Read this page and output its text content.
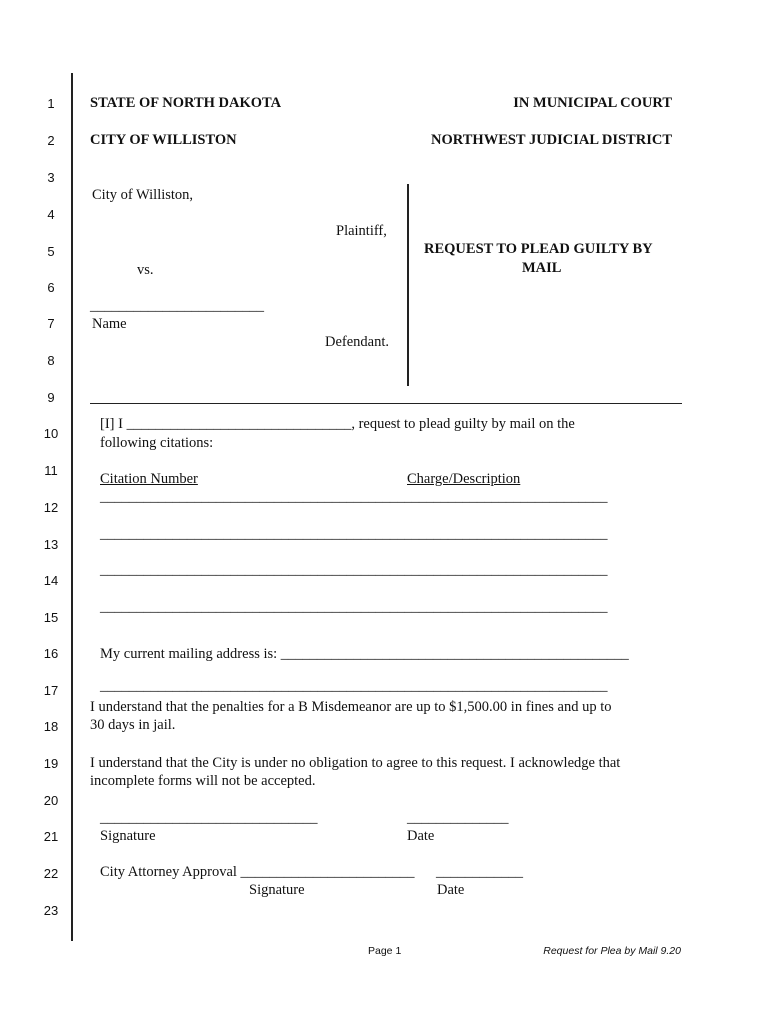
1
2
3
4
5
6
7
8
9
10
11
12
13
14
15
16
17
18
19
20
21
22
23
STATE OF NORTH DAKOTA
CITY OF WILLISTON
IN MUNICIPAL COURT
NORTHWEST JUDICIAL DISTRICT
City of Williston,
Plaintiff,
vs.
________________________
Name
Defendant.
REQUEST TO PLEAD GUILTY BY
MAIL
[I] I _______________________________, request to plead guilty by mail on the
following citations:
Citation Number	Charge/Description
______________________________________________________________________
______________________________________________________________________
______________________________________________________________________
______________________________________________________________________
My current mailing address is: ________________________________________________
______________________________________________________________________
I understand that the penalties for a B Misdemeanor are up to $1,500.00 in fines and up to
30 days in jail.
I understand that the City is under no obligation to agree to this request. I acknowledge that
incomplete forms will not be accepted.
______________________________	______________
Signature	Date
City Attorney Approval ________________________ ____________
Signature	Date
Page 1	Request for Plea by Mail 9.20
